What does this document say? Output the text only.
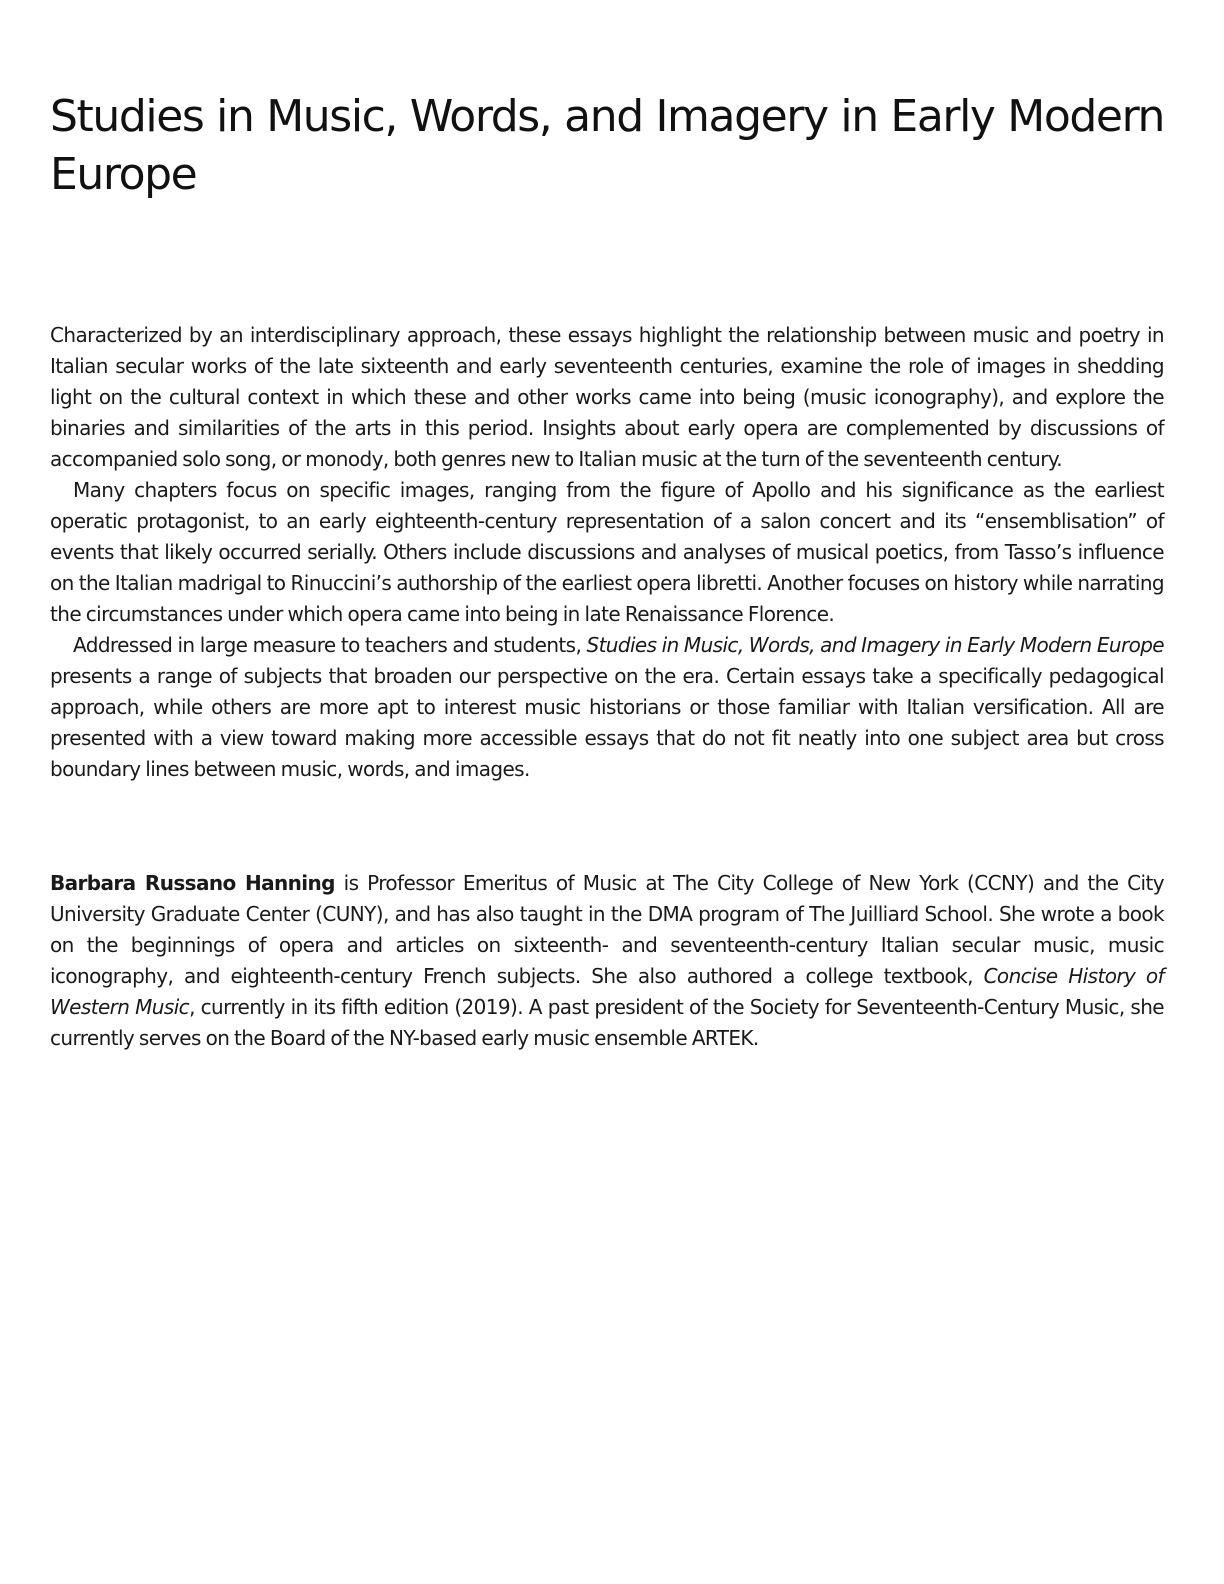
Studies in Music, Words, and Imagery in Early Modern Europe

Characterized by an interdisciplinary approach, these essays highlight the relationship between music and poetry in Italian secular works of the late sixteenth and early seventeenth centuries, examine the role of images in shedding light on the cultural context in which these and other works came into being (music iconography), and explore the binaries and similarities of the arts in this period. Insights about early opera are complemented by discussions of accompanied solo song, or monody, both genres new to Italian music at the turn of the seventeenth century.

Many chapters focus on specific images, ranging from the figure of Apollo and his significance as the earliest operatic protagonist, to an early eighteenth-century representation of a salon concert and its “ensemblisation” of events that likely occurred serially. Others include discussions and analyses of musical poetics, from Tasso’s influence on the Italian madrigal to Rinuccini’s authorship of the earliest opera libretti. Another focuses on history while narrating the circumstances under which opera came into being in late Renaissance Florence.

Addressed in large measure to teachers and students, Studies in Music, Words, and Imagery in Early Modern Europe presents a range of subjects that broaden our perspective on the era. Certain essays take a specifically pedagogical approach, while others are more apt to interest music historians or those familiar with Italian versification. All are presented with a view toward making more accessible essays that do not fit neatly into one subject area but cross boundary lines between music, words, and images.

Barbara Russano Hanning is Professor Emeritus of Music at The City College of New York (CCNY) and the City University Graduate Center (CUNY), and has also taught in the DMA program of The Juilliard School. She wrote a book on the beginnings of opera and articles on sixteenth- and seventeenth-century Italian secular music, music iconography, and eighteenth-century French subjects. She also authored a college textbook, Concise History of Western Music, currently in its fifth edition (2019). A past president of the Society for Seventeenth-Century Music, she currently serves on the Board of the NY-based early music ensemble ARTEK.
